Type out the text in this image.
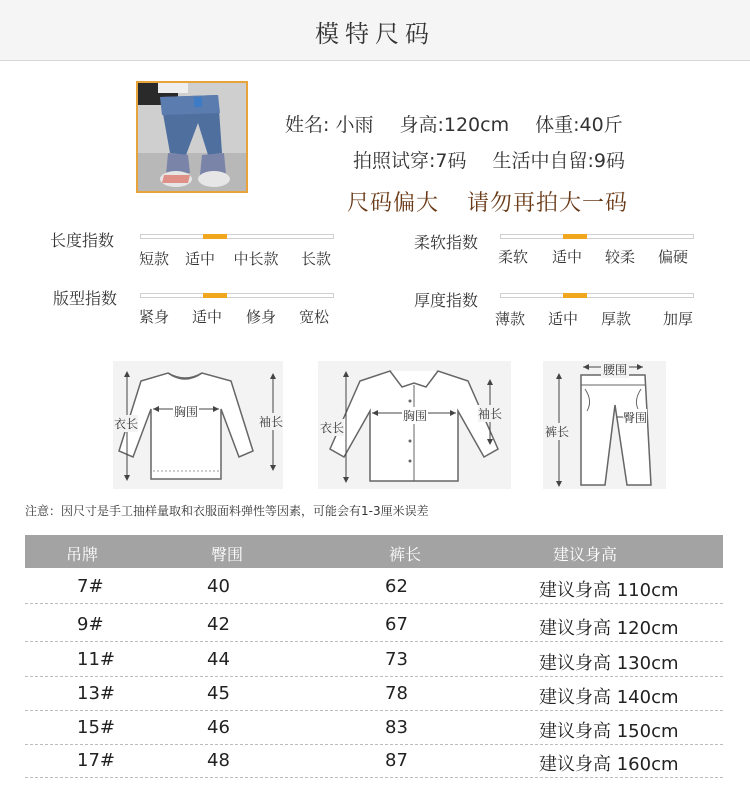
模特尺码
姓名: 小雨 身高:120cm 体重:40斤
拍照试穿:7码 生活中自留:9码
尺码偏大 请勿再拍大一码
长度指数
短款	适中	中长款	长款
柔软指数
柔软	适中	较柔	偏硬
版型指数
紧身	适中	修身	宽松
厚度指数
薄款	适中	厚款	加厚
衣长
胸围
袖长	衣长
胸围	袖长
腰围
裤长
臀围
注意：因尺寸是手工抽样量取和衣服面料弹性等因素，可能会有1-3厘米误差
吊牌	臀围	裤长	建议身高
7#	40	62	建议身高 110cm
9#	42	67	建议身高 120cm
11#	44	73	建议身高 130cm
13#	45	78	建议身高 140cm
15#	46	83	建议身高 150cm
17#	48	87	建议身高 160cm
